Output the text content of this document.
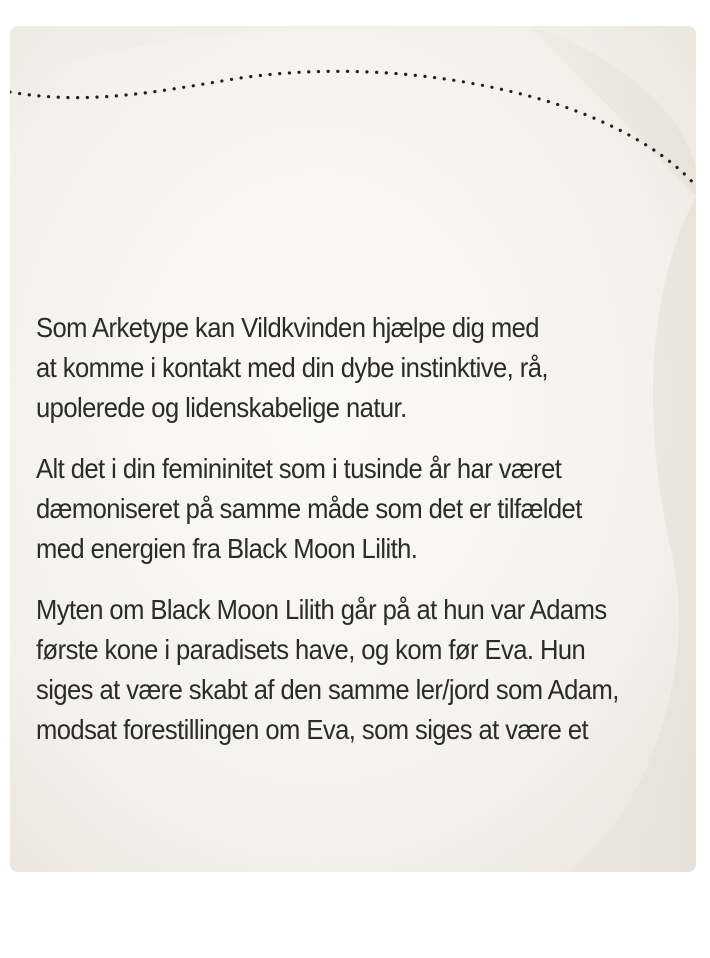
Som Arketype kan Vildkvinden hjælpe dig med
at komme i kontakt med din dybe instinktive, rå,
upolerede og lidenskabelige natur.

Alt det i din femininitet som i tusinde år har været
dæmoniseret på samme måde som det er tilfældet
med energien fra Black Moon Lilith.

Myten om Black Moon Lilith går på at hun var Adams
første kone i paradisets have, og kom før Eva. Hun
siges at være skabt af den samme ler/jord som Adam,
modsat forestillingen om Eva, som siges at være et
